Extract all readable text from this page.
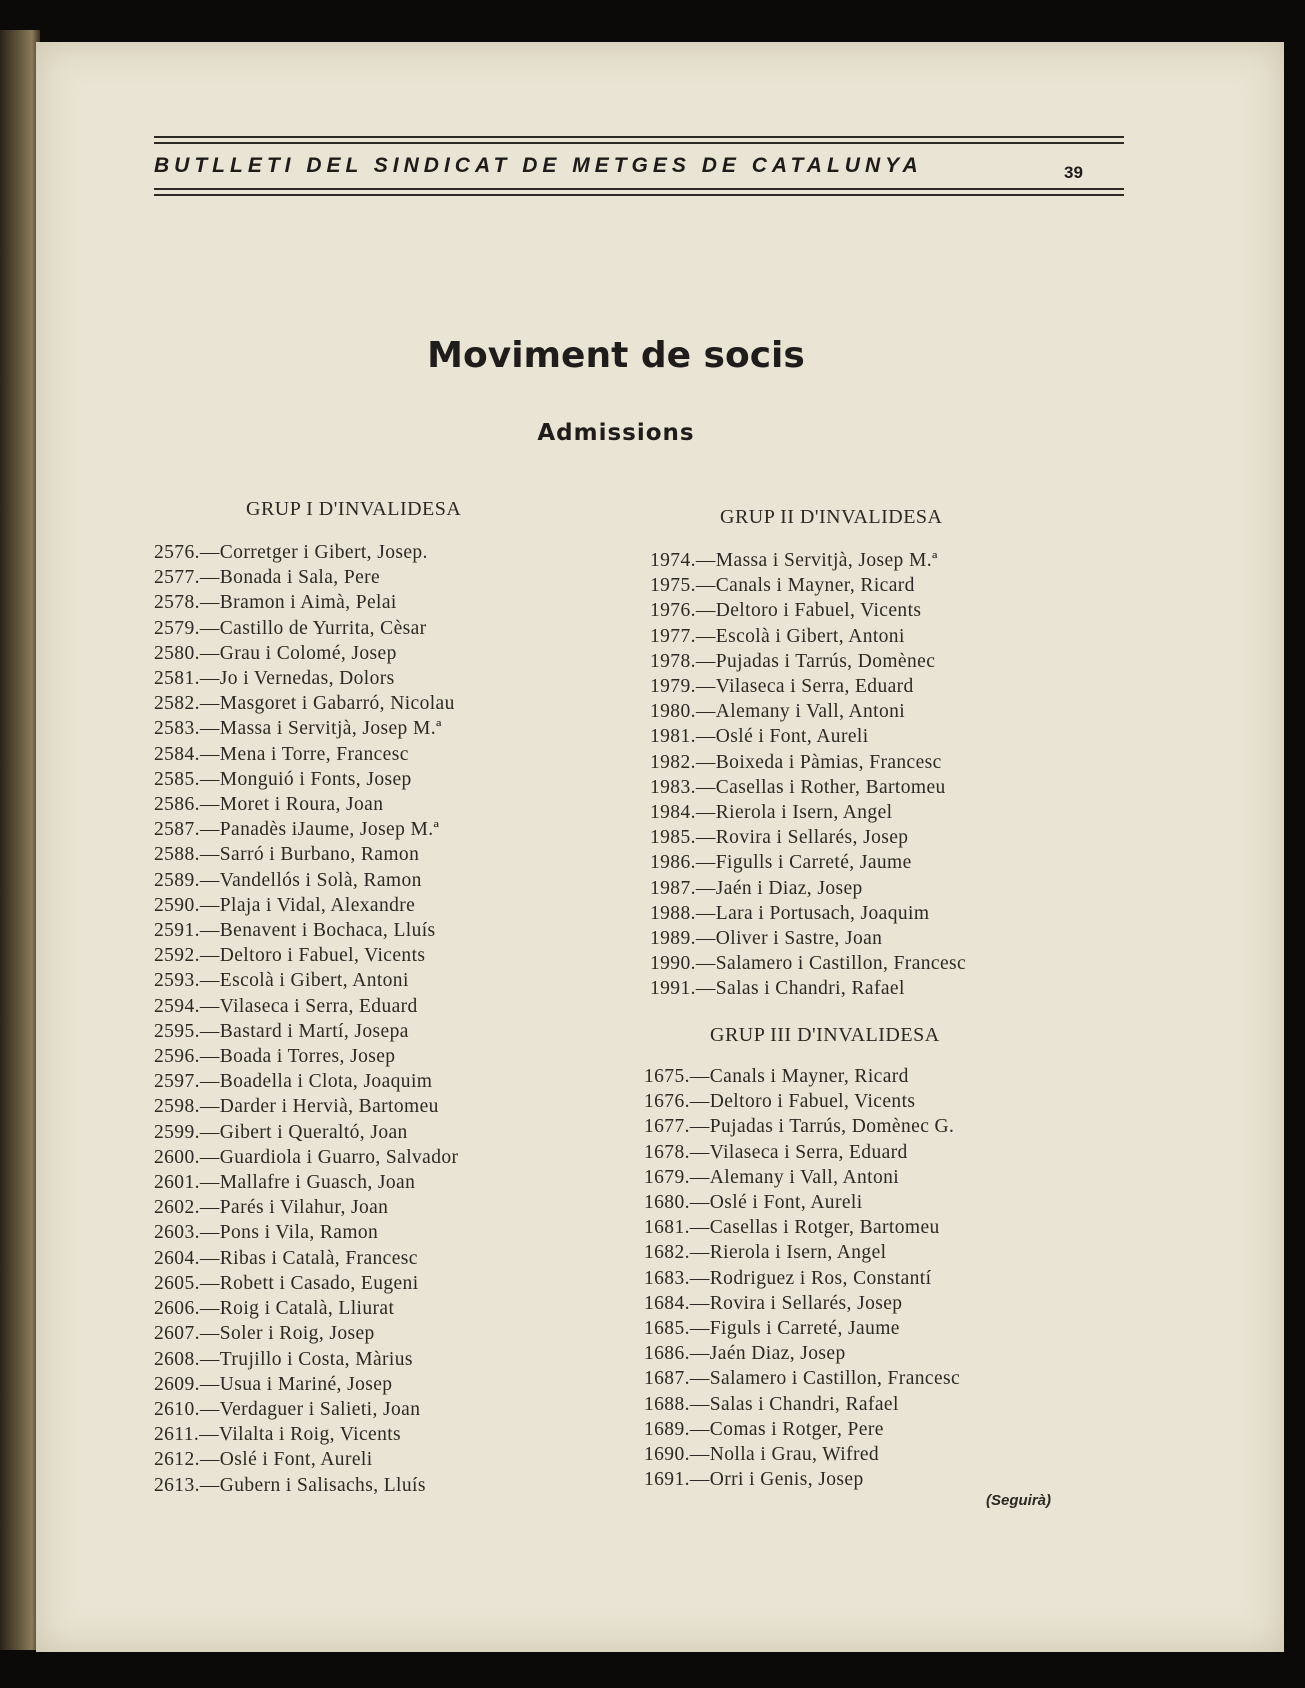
BUTLLETI DEL SINDICAT DE METGES DE CATALUNYA	39
Moviment de socis
Admissions
GRUP I D'INVALIDESA
2576.—Corretger i Gibert, Josep.
2577.—Bonada i Sala, Pere
2578.—Bramon i Aimà, Pelai
2579.—Castillo de Yurrita, Cèsar
2580.—Grau i Colomé, Josep
2581.—Jo i Vernedas, Dolors
2582.—Masgoret i Gabarró, Nicolau
2583.—Massa i Servitjà, Josep M.ª
2584.—Mena i Torre, Francesc
2585.—Monguió i Fonts, Josep
2586.—Moret i Roura, Joan
2587.—Panadès iJaume, Josep M.ª
2588.—Sarró i Burbano, Ramon
2589.—Vandellós i Solà, Ramon
2590.—Plaja i Vidal, Alexandre
2591.—Benavent i Bochaca, Lluís
2592.—Deltoro i Fabuel, Vicents
2593.—Escolà i Gibert, Antoni
2594.—Vilaseca i Serra, Eduard
2595.—Bastard i Martí, Josepa
2596.—Boada i Torres, Josep
2597.—Boadella i Clota, Joaquim
2598.—Darder i Hervià, Bartomeu
2599.—Gibert i Queraltó, Joan
2600.—Guardiola i Guarro, Salvador
2601.—Mallafre i Guasch, Joan
2602.—Parés i Vilahur, Joan
2603.—Pons i Vila, Ramon
2604.—Ribas i Català, Francesc
2605.—Robett i Casado, Eugeni
2606.—Roig i Català, Lliurat
2607.—Soler i Roig, Josep
2608.—Trujillo i Costa, Màrius
2609.—Usua i Mariné, Josep
2610.—Verdaguer i Salieti, Joan
2611.—Vilalta i Roig, Vicents
2612.—Oslé i Font, Aureli
2613.—Gubern i Salisachs, Lluís
GRUP II D'INVALIDESA
1974.—Massa i Servitjà, Josep M.ª
1975.—Canals i Mayner, Ricard
1976.—Deltoro i Fabuel, Vicents
1977.—Escolà i Gibert, Antoni
1978.—Pujadas i Tarrús, Domènec
1979.—Vilaseca i Serra, Eduard
1980.—Alemany i Vall, Antoni
1981.—Oslé i Font, Aureli
1982.—Boixeda i Pàmias, Francesc
1983.—Casellas i Rother, Bartomeu
1984.—Rierola i Isern, Angel
1985.—Rovira i Sellarés, Josep
1986.—Figulls i Carreté, Jaume
1987.—Jaén i Diaz, Josep
1988.—Lara i Portusach, Joaquim
1989.—Oliver i Sastre, Joan
1990.—Salamero i Castillon, Francesc
1991.—Salas i Chandri, Rafael
GRUP III D'INVALIDESA
1675.—Canals i Mayner, Ricard
1676.—Deltoro i Fabuel, Vicents
1677.—Pujadas i Tarrús, Domènec G.
1678.—Vilaseca i Serra, Eduard
1679.—Alemany i Vall, Antoni
1680.—Oslé i Font, Aureli
1681.—Casellas i Rotger, Bartomeu
1682.—Rierola i Isern, Angel
1683.—Rodriguez i Ros, Constantí
1684.—Rovira i Sellarés, Josep
1685.—Figuls i Carreté, Jaume
1686.—Jaén Diaz, Josep
1687.—Salamero i Castillon, Francesc
1688.—Salas i Chandri, Rafael
1689.—Comas i Rotger, Pere
1690.—Nolla i Grau, Wifred
1691.—Orri i Genis, Josep
(Seguirà)
